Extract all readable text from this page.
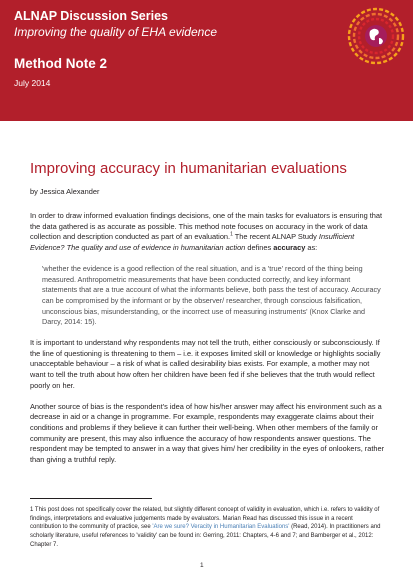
ALNAP Discussion Series
Improving the quality of EHA evidence
Method Note 2
July 2014
Improving accuracy in humanitarian evaluations

by Jessica Alexander

In order to draw informed evaluation findings decisions, one of the main tasks for evaluators is ensuring that the data gathered is as accurate as possible. This method note focuses on accuracy in the work of data collection and description conducted as part of an evaluation.$^1$ The recent ALNAP Study Insufficient Evidence? The quality and use of evidence in humanitarian action defines accuracy as:

'whether the evidence is a good reflection of the real situation, and is a 'true' record of the thing being measured. Anthropometric measurements that have been conducted correctly, and key informant statements that are a true account of what the informants believe, both pass the test of accuracy. Accuracy can be compromised by the informant or by the observer/ researcher, through conscious falsification, unconscious bias, misunderstanding, or the incorrect use of measuring instruments' (Knox Clarke and Darcy, 2014: 15).

It is important to understand why respondents may not tell the truth, either consciously or subconsciously. If the line of questioning is threatening to them – i.e. it exposes limited skill or knowledge or highlights socially unacceptable behaviour – a risk of what is called desirability bias exists. For example, a mother may not want to tell the truth about how often her children have been fed if she believes that the truth would reflect poorly on her.

Another source of bias is the respondent's idea of how his/her answer may affect his environment such as a decrease in aid or a change in programme. For example, respondents may exaggerate claims about their conditions and problems if they believe it can further their well-being. When other members of the family or community are present, this may also influence the accuracy of how respondents answer questions. The respondent may be tempted to answer in a way that gives him/ her credibility in the eyes of onlookers, rather than giving a truthful reply.

1 This post does not specifically cover the related, but slightly different concept of validity in evaluation, which i.e. refers to validity of findings, interpretations and evaluative judgements made by evaluators. Marian Read has discussed this issue in a recent contribution to the community of practice, see 'Are we sure? Veracity in Humanitarian Evaluations' (Read, 2014). In practitioners and scholarly literature, useful references to 'validity' can be found in: Gerring, 2011: Chapters, 4-6 and 7; and Bamberger et al., 2012: Chapter 7.
1
